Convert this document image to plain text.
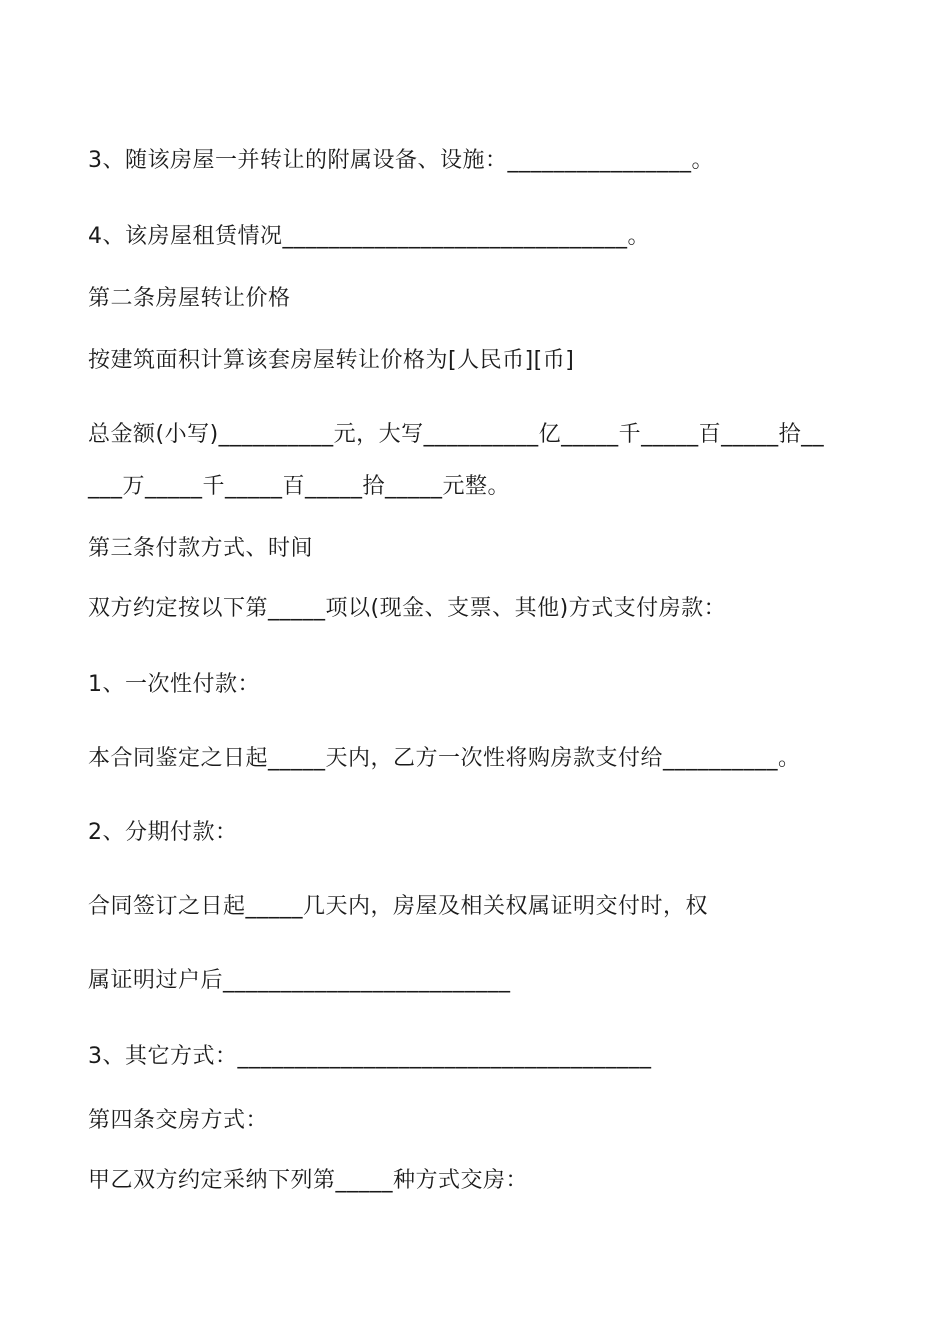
3、随该房屋一并转让的附属设备、设施：________________。
4、该房屋租赁情况______________________________。
第二条房屋转让价格
按建筑面积计算该套房屋转让价格为[人民币][币]
总金额(小写)__________元，大写__________亿_____千_____百_____拾__
___万_____千_____百_____拾_____元整。
第三条付款方式、时间
双方约定按以下第_____项以(现金、支票、其他)方式支付房款：
1、一次性付款：
本合同鉴定之日起_____天内，乙方一次性将购房款支付给__________。
2、分期付款：
合同签订之日起_____几天内，房屋及相关权属证明交付时，权
属证明过户后_________________________
3、其它方式：____________________________________
第四条交房方式：
甲乙双方约定采纳下列第_____种方式交房：
